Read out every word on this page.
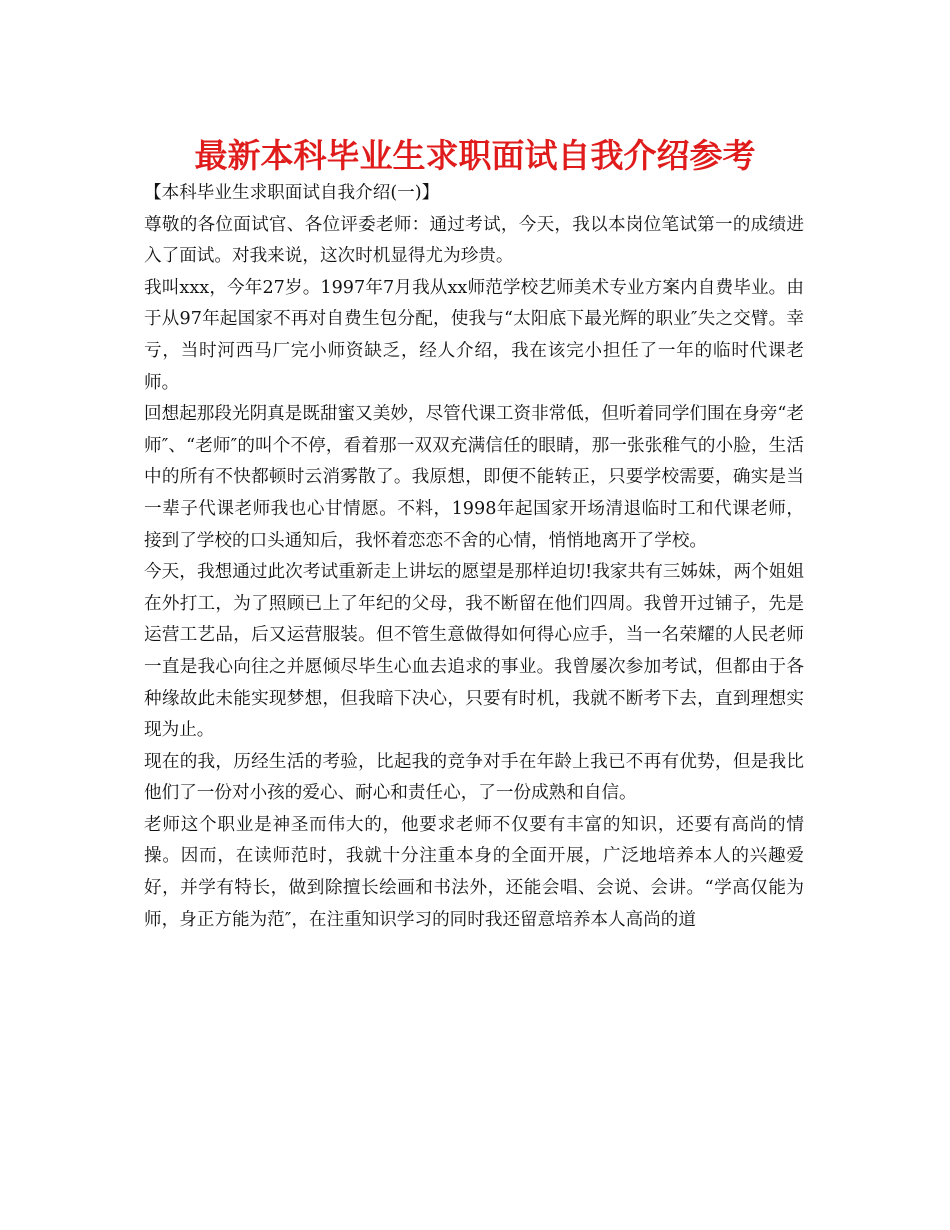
最新本科毕业生求职面试自我介绍参考

【本科毕业生求职面试自我介绍(一)】

尊敬的各位面试官、各位评委老师：通过考试，今天，我以本岗位笔试第一的成绩进入了面试。对我来说，这次时机显得尤为珍贵。

我叫xxx，今年27岁。1997年7月我从xx师范学校艺师美术专业方案内自费毕业。由于从97年起国家不再对自费生包分配，使我与“太阳底下最光辉的职业″失之交臂。幸亏，当时河西马厂完小师资缺乏，经人介绍，我在该完小担任了一年的临时代课老师。

回想起那段光阴真是既甜蜜又美妙，尽管代课工资非常低，但听着同学们围在身旁“老师″、“老师″的叫个不停，看着那一双双充满信任的眼睛，那一张张稚气的小脸，生活中的所有不快都顿时云消雾散了。我原想，即便不能转正，只要学校需要，确实是当一辈子代课老师我也心甘情愿。不料，1998年起国家开场清退临时工和代课老师，接到了学校的口头通知后，我怀着恋恋不舍的心情，悄悄地离开了学校。

今天，我想通过此次考试重新走上讲坛的愿望是那样迫切!我家共有三姊妹，两个姐姐在外打工，为了照顾已上了年纪的父母，我不断留在他们四周。我曾开过铺子，先是运营工艺品，后又运营服装。但不管生意做得如何得心应手，当一名荣耀的人民老师一直是我心向往之并愿倾尽毕生心血去追求的事业。我曾屡次参加考试，但都由于各种缘故此未能实现梦想，但我暗下决心，只要有时机，我就不断考下去，直到理想实现为止。

现在的我，历经生活的考验，比起我的竞争对手在年龄上我已不再有优势，但是我比他们了一份对小孩的爱心、耐心和责任心，了一份成熟和自信。

老师这个职业是神圣而伟大的，他要求老师不仅要有丰富的知识，还要有高尚的情操。因而，在读师范时，我就十分注重本身的全面开展，广泛地培养本人的兴趣爱好，并学有特长，做到除擅长绘画和书法外，还能会唱、会说、会讲。“学高仅能为师，身正方能为范″，在注重知识学习的同时我还留意培养本人高尚的道
